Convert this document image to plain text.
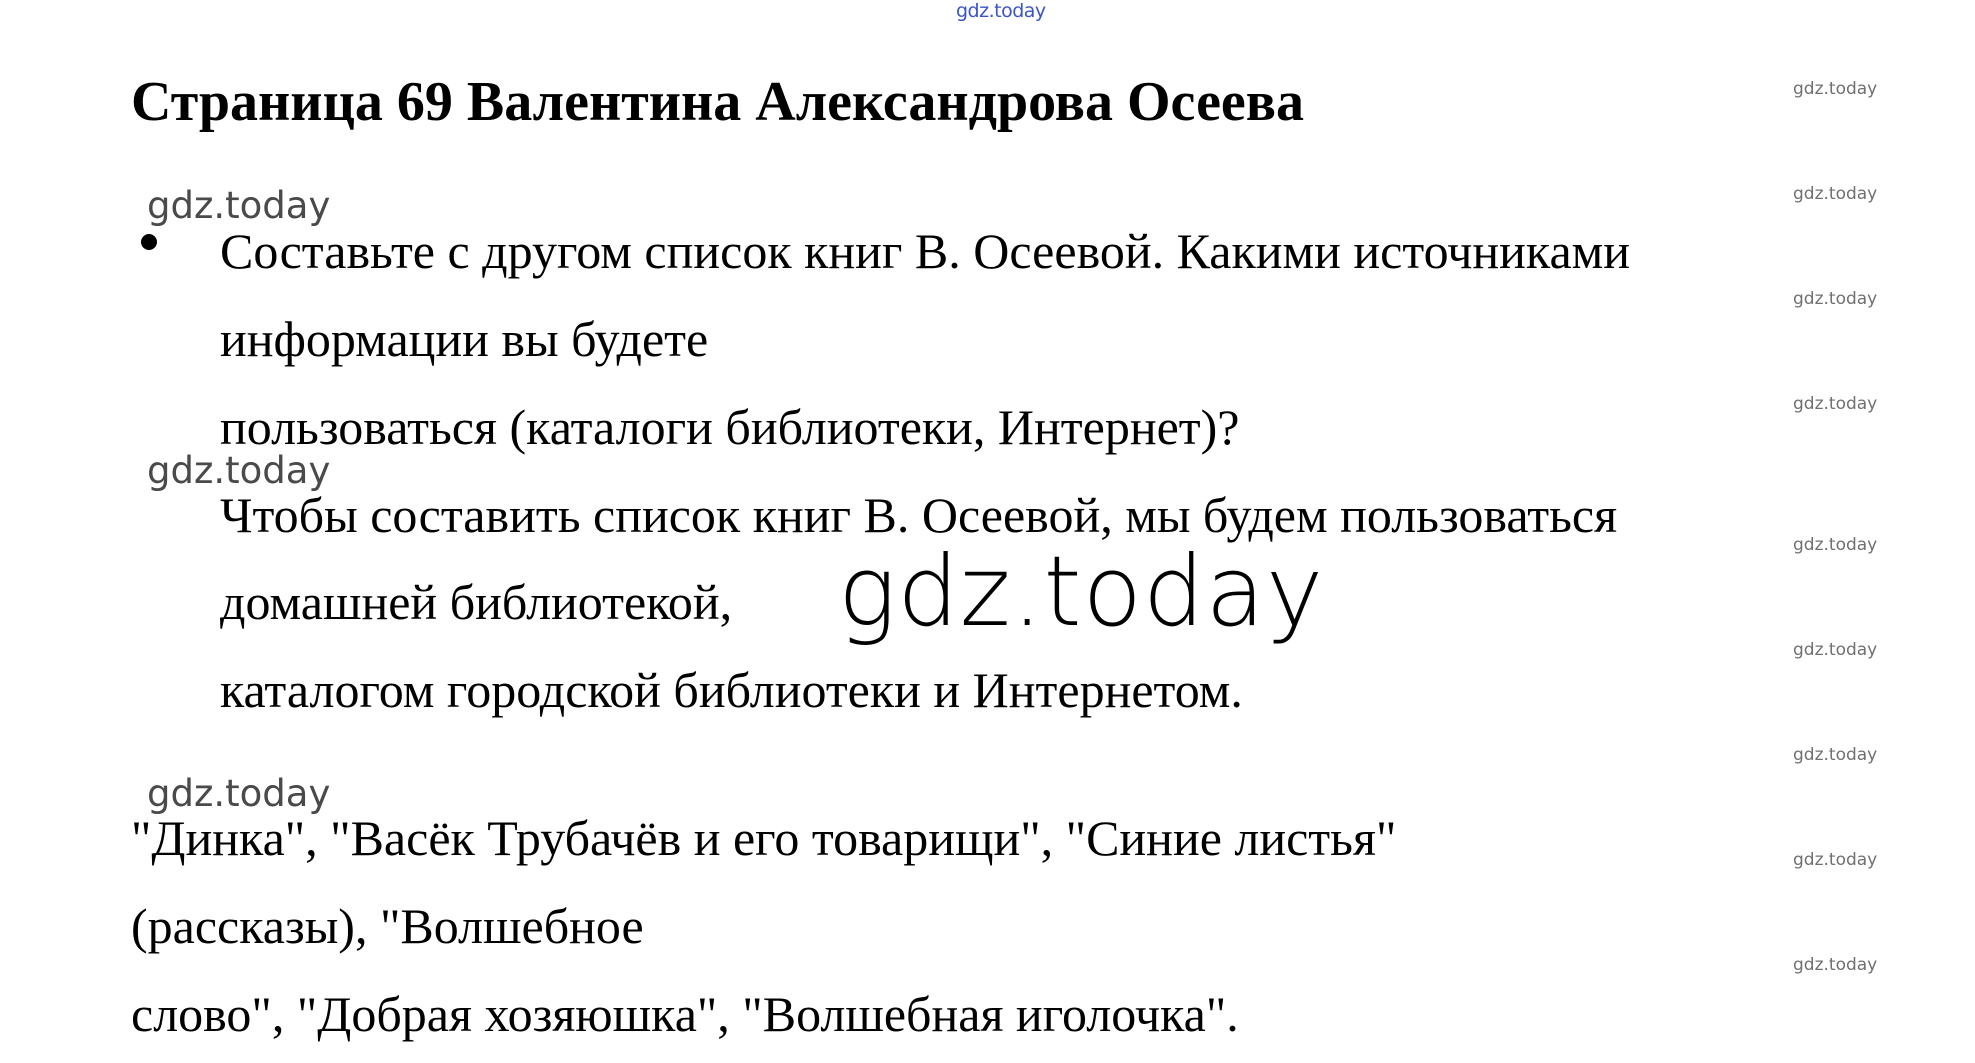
gdz.today
Страница 69 Валентина Александрова Осеева	gdz.today
gdz.today
gdz.today
gdz.today
gdz.today
gdz.today
gdz.today
gdz.today
gdz.today
gdz.today
gdz.today
gdz.today
Составьте с другом список книг В. Осеевой. Какими источниками
информации вы будете
пользоваться (каталоги библиотеки, Интернет)?
Чтобы составить список книг В. Осеевой, мы будем пользоваться
домашней библиотекой, gdz.today
каталогом городской библиотеки и Интернетом.
"Динка", "Васёк Трубачёв и его товарищи", "Синие листья"
(рассказы), "Волшебное
слово", "Добрая хозяюшка", "Волшебная иголочка".
